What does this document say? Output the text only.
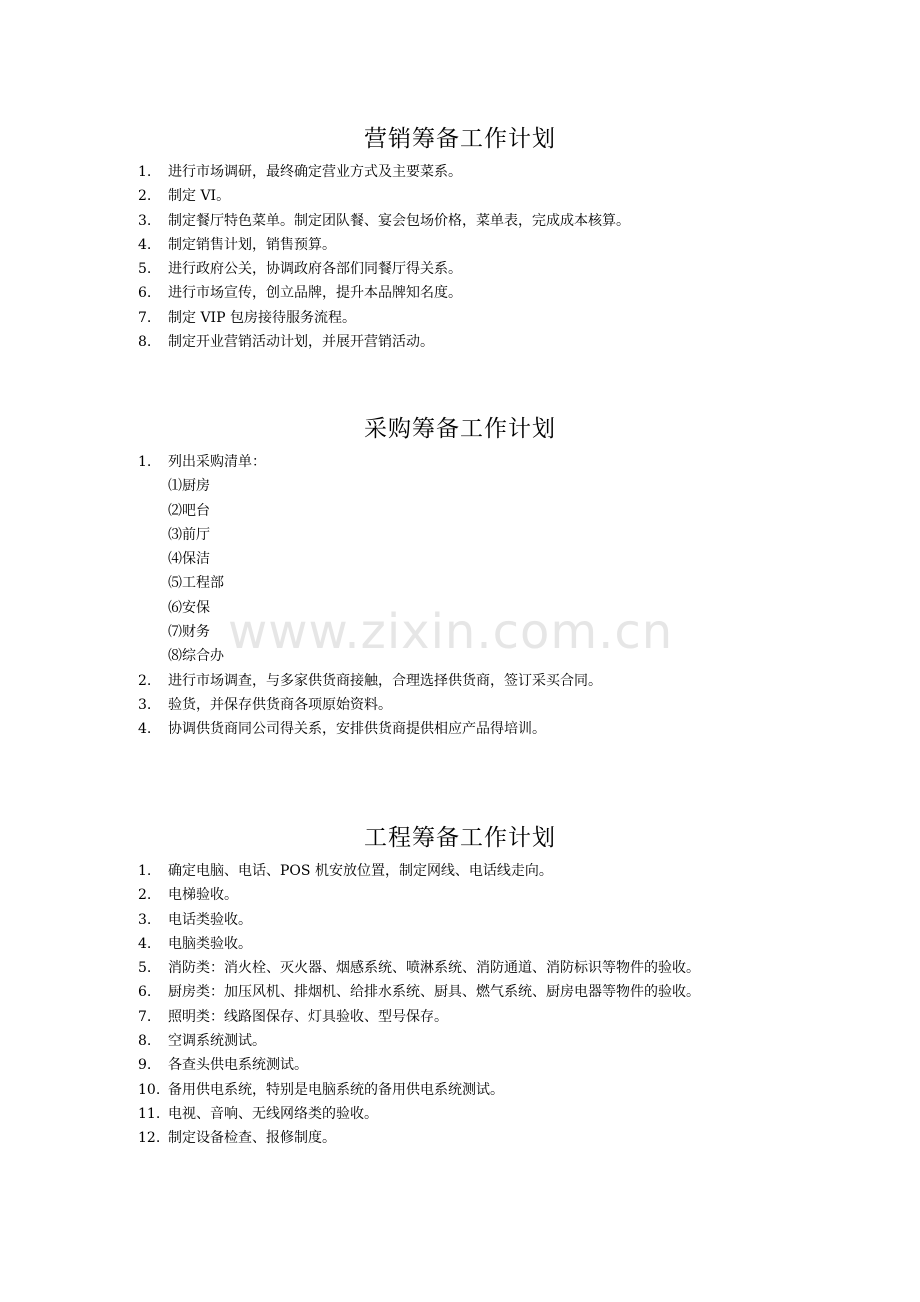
www.zixin.com.cn
营销筹备工作计划
1. 进行市场调研，最终确定营业方式及主要菜系。
2. 制定 VI。
3. 制定餐厅特色菜单。制定团队餐、宴会包场价格，菜单表，完成成本核算。
4. 制定销售计划，销售预算。
5. 进行政府公关，协调政府各部们同餐厅得关系。
6. 进行市场宣传，创立品牌，提升本品牌知名度。
7. 制定 VIP 包房接待服务流程。
8. 制定开业营销活动计划，并展开营销活动。
采购筹备工作计划
1. 列出采购清单：
⑴厨房
⑵吧台
⑶前厅
⑷保洁
⑸工程部
⑹安保
⑺财务
⑻综合办
2. 进行市场调查，与多家供货商接触，合理选择供货商，签订采买合同。
3. 验货，并保存供货商各项原始资料。
4. 协调供货商同公司得关系，安排供货商提供相应产品得培训。
工程筹备工作计划
1. 确定电脑、电话、POS 机安放位置，制定网线、电话线走向。
2. 电梯验收。
3. 电话类验收。
4. 电脑类验收。
5. 消防类：消火栓、灭火器、烟感系统、喷淋系统、消防通道、消防标识等物件的验收。
6. 厨房类：加压风机、排烟机、给排水系统、厨具、燃气系统、厨房电器等物件的验收。
7. 照明类：线路图保存、灯具验收、型号保存。
8. 空调系统测试。
9. 各查头供电系统测试。
10. 备用供电系统，特别是电脑系统的备用供电系统测试。
11. 电视、音响、无线网络类的验收。
12. 制定设备检查、报修制度。
